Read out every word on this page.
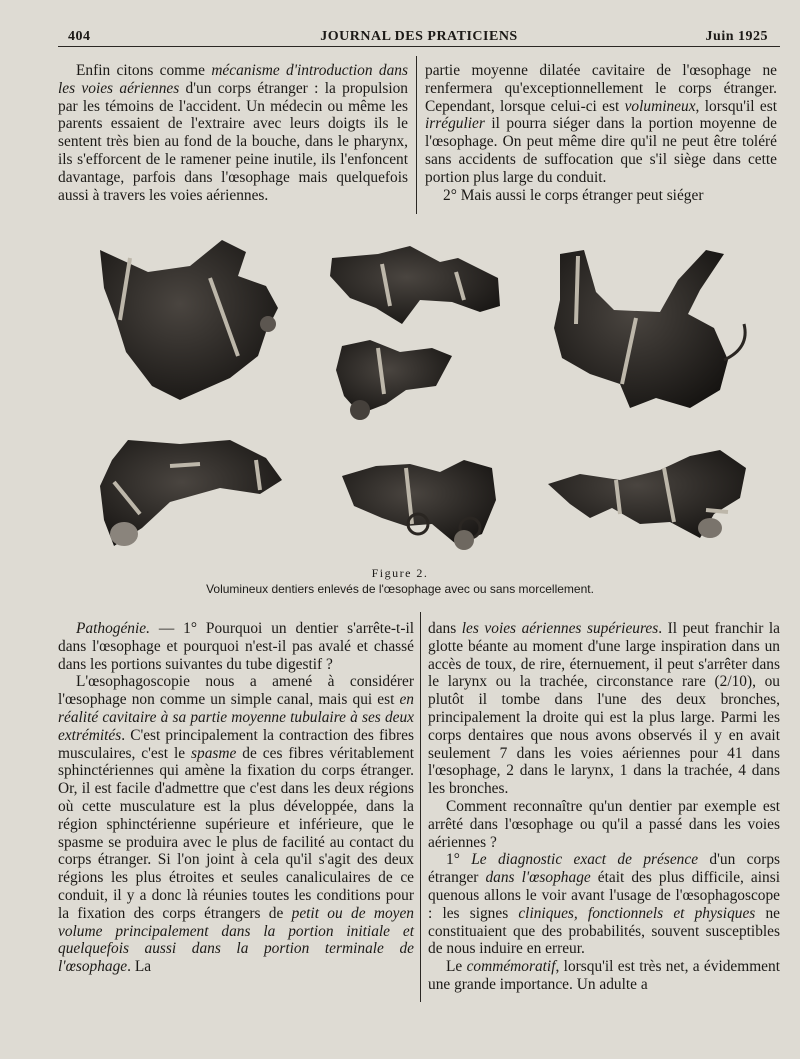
404	JOURNAL DES PRATICIENS	Juin 1925

Enfin citons comme mécanisme d'introduction dans les voies aériennes d'un corps étranger : la propulsion par les témoins de l'accident. Un médecin ou même les parents essaient de l'extraire avec leurs doigts ils le sentent très bien au fond de la bouche, dans le pharynx, ils s'efforcent de le ramener peine inutile, ils l'enfoncent davantage, parfois dans l'œsophage mais quelquefois aussi à travers les voies aériennes.

partie moyenne dilatée cavitaire de l'œsophage ne renfermera qu'exceptionnellement le corps étranger. Cependant, lorsque celui-ci est volumineux, lorsqu'il est irrégulier il pourra siéger dans la portion moyenne de l'œsophage. On peut même dire qu'il ne peut être toléré sans accidents de suffocation que s'il siège dans cette portion plus large du conduit.

2° Mais aussi le corps étranger peut siéger

Figure 2.
Volumineux dentiers enlevés de l'œsophage avec ou sans morcellement.

Pathogénie. — 1° Pourquoi un dentier s'arrête-t-il dans l'œsophage et pourquoi n'est-il pas avalé et chassé dans les portions suivantes du tube digestif ?

L'œsophagoscopie nous a amené à considérer l'œsophage non comme un simple canal, mais qui est en réalité cavitaire à sa partie moyenne tubulaire à ses deux extrémités. C'est principalement la contraction des fibres musculaires, c'est le spasme de ces fibres véritablement sphinctériennes qui amène la fixation du corps étranger. Or, il est facile d'admettre que c'est dans les deux régions où cette musculature est la plus développée, dans la région sphinctérienne supérieure et inférieure, que le spasme se produira avec le plus de facilité au contact du corps étranger. Si l'on joint à cela qu'il s'agit des deux régions les plus étroites et seules canaliculaires de ce conduit, il y a donc là réunies toutes les conditions pour la fixation des corps étrangers de petit ou de moyen volume principalement dans la portion initiale et quelquefois aussi dans la portion terminale de l'œsophage. La

dans les voies aériennes supérieures. Il peut franchir la glotte béante au moment d'une large inspiration dans un accès de toux, de rire, éternuement, il peut s'arrêter dans le larynx ou la trachée, circonstance rare (2/10), ou plutôt il tombe dans l'une des deux bronches, principalement la droite qui est la plus large. Parmi les corps dentaires que nous avons observés il y en avait seulement 7 dans les voies aériennes pour 41 dans l'œsophage, 2 dans le larynx, 1 dans la trachée, 4 dans les bronches.

Comment reconnaître qu'un dentier par exemple est arrêté dans l'œsophage ou qu'il a passé dans les voies aériennes ?

1° Le diagnostic exact de présence d'un corps étranger dans l'œsophage était des plus difficile, ainsi quenous allons le voir avant l'usage de l'œsophagoscope : les signes cliniques, fonctionnels et physiques ne constituaient que des probabilités, souvent susceptibles de nous induire en erreur.

Le commémoratif, lorsqu'il est très net, a évidemment une grande importance. Un adulte a
